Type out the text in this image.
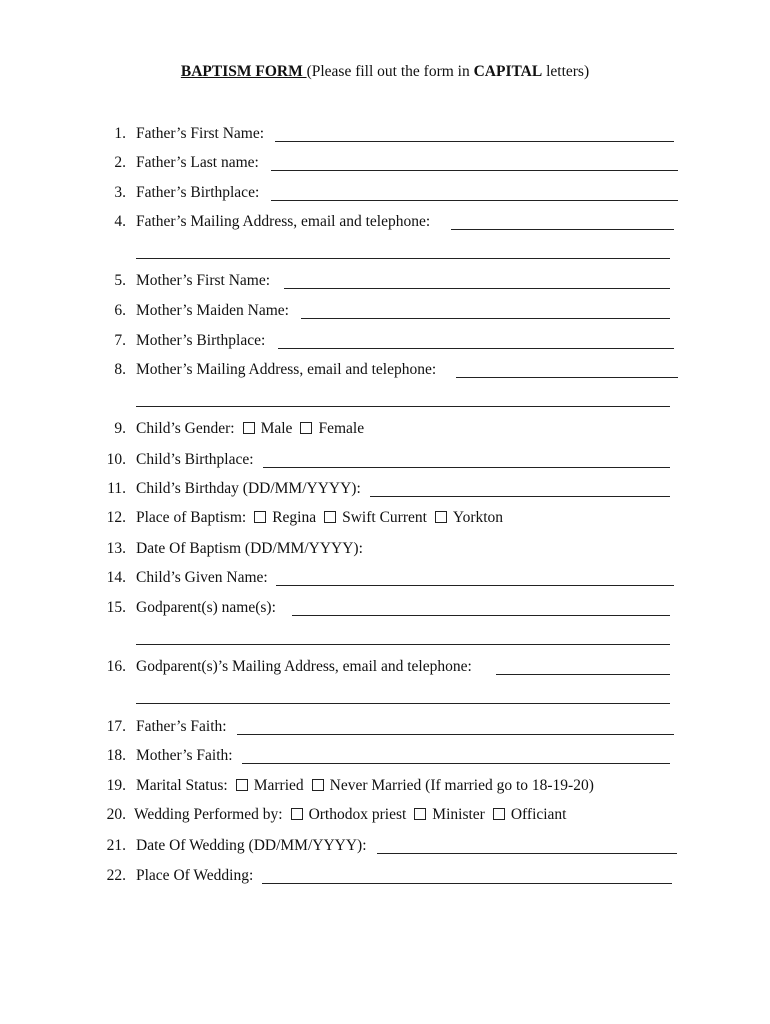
BAPTISM FORM (Please fill out the form in CAPITAL letters)
1. Father’s First Name:
2. Father’s Last name:
3. Father’s Birthplace:
4. Father’s Mailing Address, email and telephone:
5. Mother’s First Name:
6. Mother’s Maiden Name:
7. Mother’s Birthplace:
8. Mother’s Mailing Address, email and telephone:
9. Child’s Gender: Male Female
10. Child’s Birthplace:
11. Child’s Birthday (DD/MM/YYYY):
12. Place of Baptism: Regina Swift Current Yorkton
13. Date Of Baptism (DD/MM/YYYY):
14. Child’s Given Name:
15. Godparent(s) name(s):
16. Godparent(s)’s Mailing Address, email and telephone:
17. Father’s Faith:
18. Mother’s Faith:
19. Marital Status: Married Never Married (If married go to 18-19-20)
20. Wedding Performed by: Orthodox priest Minister Officiant
21. Date Of Wedding (DD/MM/YYYY):
22. Place Of Wedding:
